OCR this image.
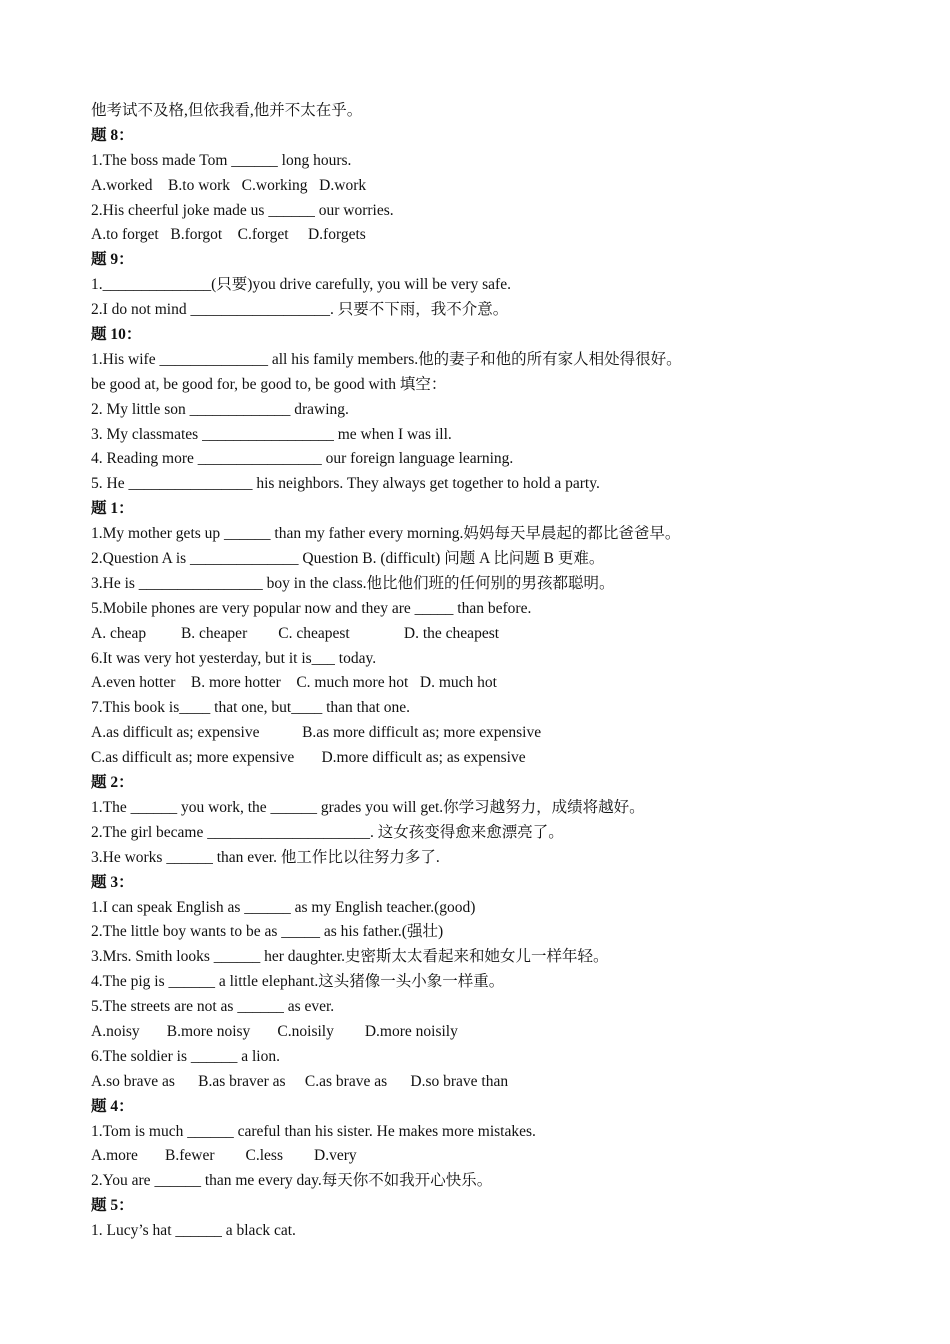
他考试不及格,但依我看,他并不太在乎。
题 8：
1.The boss made Tom ______ long hours.
A.worked    B.to work   C.working   D.work
2.His cheerful joke made us ______ our worries.
A.to forget   B.forgot    C.forget     D.forgets
题 9：
1.______________(只要)you drive carefully, you will be very safe.
2.I do not mind __________________. 只要不下雨，我不介意。
题 10：
1.His wife ______________ all his family members.他的妻子和他的所有家人相处得很好。
be good at, be good for, be good to, be good with 填空：
2. My little son _____________ drawing.
3. My classmates _________________ me when I was ill.
4. Reading more ________________ our foreign language learning.
5. He ________________ his neighbors. They always get together to hold a party.
题 1：
1.My mother gets up ______ than my father every morning.妈妈每天早晨起的都比爸爸早。
2.Question A is ______________ Question B. (difficult) 问题 A 比问题 B 更难。
3.He is ________________ boy in the class.他比他们班的任何别的男孩都聪明。
5.Mobile phones are very popular now and they are _____ than before.
A. cheap         B. cheaper        C. cheapest              D. the cheapest
6.It was very hot yesterday, but it is___ today.
A.even hotter    B. more hotter    C. much more hot   D. much hot
7.This book is____ that one, but____ than that one.
A.as difficult as; expensive           B.as more difficult as; more expensive
C.as difficult as; more expensive       D.more difficult as; as expensive
题 2：
1.The ______ you work, the ______ grades you will get.你学习越努力，成绩将越好。
2.The girl became _____________________. 这女孩变得愈来愈漂亮了。
3.He works ______ than ever. 他工作比以往努力多了.
题 3：
1.I can speak English as ______ as my English teacher.(good)
2.The little boy wants to be as _____ as his father.(强壮)
3.Mrs. Smith looks ______ her daughter.史密斯太太看起来和她女儿一样年轻。
4.The pig is ______ a little elephant.这头猪像一头小象一样重。
5.The streets are not as ______ as ever.
A.noisy       B.more noisy       C.noisily        D.more noisily
6.The soldier is ______ a lion.
A.so brave as      B.as braver as     C.as brave as      D.so brave than
题 4：
1.Tom is much ______ careful than his sister. He makes more mistakes.
A.more       B.fewer        C.less        D.very
2.You are ______ than me every day.每天你不如我开心快乐。
题 5：
1. Lucy’s hat ______ a black cat.
